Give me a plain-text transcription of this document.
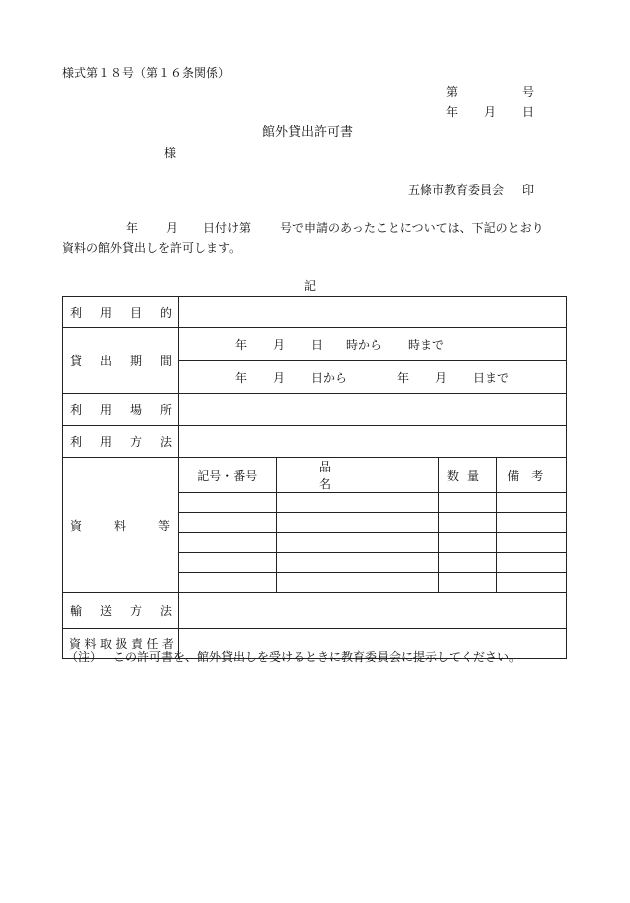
様式第１８号（第１６条関係）
第	号
年 月 日
館外貸出許可書
様
五條市教育委員会 印
年 月 日付け第 号で申請のあったことについては、下記のとおり
資料の館外貸出しを許可します。
記
利 用 目 的

貸 出 期 間

年	月	日	時から	時まで
年	月	日から	年	月	日まで

利 用 場 所

利 用 方 法

資	料	等

記号・番号	品名	数量	備考

輸 送 方 法

資 料 取 扱 責 任 者

（注） この許可書を、館外貸出しを受けるときに教育委員会に提示してください。
